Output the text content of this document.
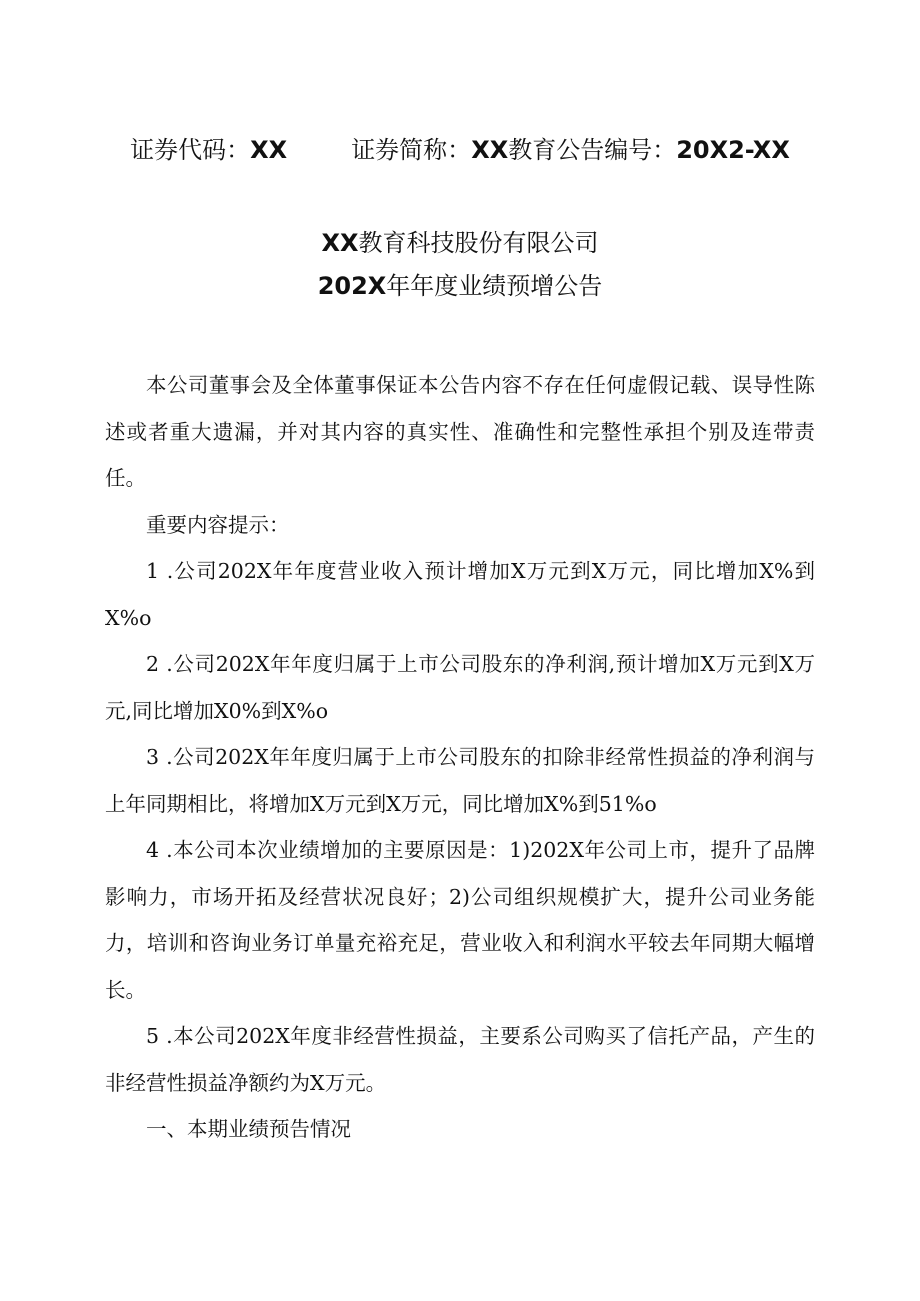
证券代码：XX	证券简称：XX教育公告编号：20X2-XX
XX教育科技股份有限公司
202X年年度业绩预增公告

本公司董事会及全体董事保证本公告内容不存在任何虚假记载、误导性陈述或者重大遗漏，并对其内容的真实性、准确性和完整性承担个别及连带责任。

重要内容提示：

1 .公司202X年年度营业收入预计增加X万元到X万元，同比增加X%到X%o

2 .公司202X年年度归属于上市公司股东的净利润,预计增加X万元到X万元,同比增加X0%到X%o

3 .公司202X年年度归属于上市公司股东的扣除非经常性损益的净利润与上年同期相比，将增加X万元到X万元，同比增加X%到51%o

4 .本公司本次业绩增加的主要原因是：1)202X年公司上市，提升了品牌影响力，市场开拓及经营状况良好；2)公司组织规模扩大，提升公司业务能力，培训和咨询业务订单量充裕充足，营业收入和利润水平较去年同期大幅增长。

5 .本公司202X年度非经营性损益，主要系公司购买了信托产品，产生的非经营性损益净额约为X万元。

一、本期业绩预告情况
